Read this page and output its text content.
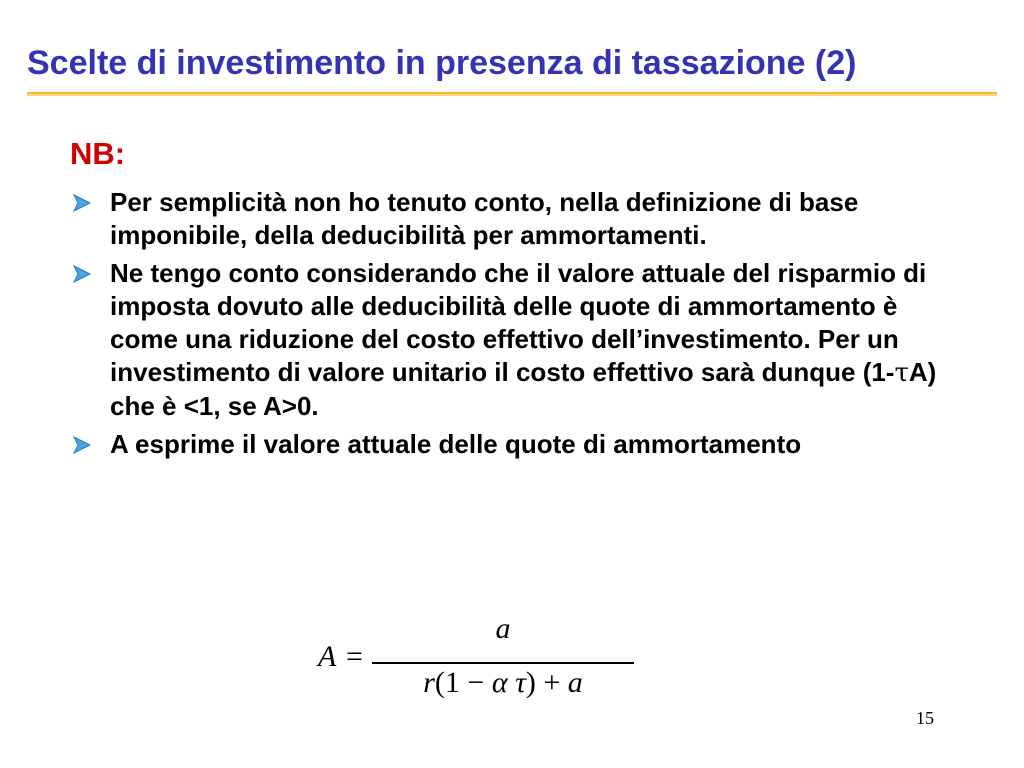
Scelte di investimento in presenza di tassazione (2)
NB:
Per semplicità non ho tenuto conto, nella definizione di base imponibile, della deducibilità per ammortamenti.
Ne tengo conto considerando che il valore attuale del risparmio di imposta dovuto alle deducibilità delle quote di ammortamento è come una riduzione del costo effettivo dell’investimento. Per un investimento di valore unitario il costo effettivo sarà dunque (1-τA) che è <1, se A>0.
A esprime il valore attuale delle quote di ammortamento
A =
a
r(1 − α τ) + a
15
